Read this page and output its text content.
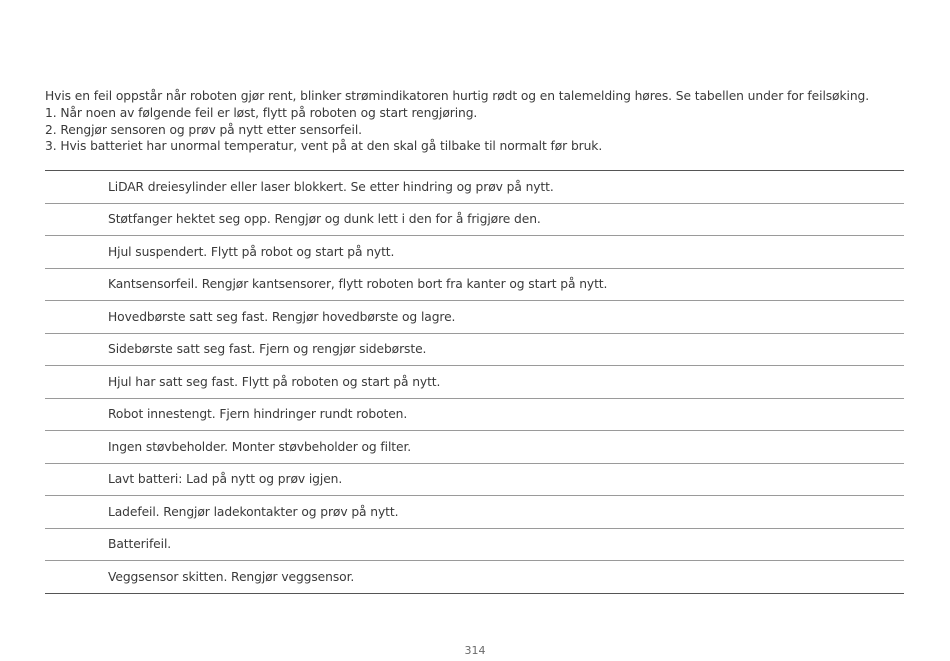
Hvis en feil oppstår når roboten gjør rent, blinker strømindikatoren hurtig rødt og en talemelding høres. Se tabellen under for feilsøking.
1. Når noen av følgende feil er løst, flytt på roboten og start rengjøring.
2. Rengjør sensoren og prøv på nytt etter sensorfeil.
3. Hvis batteriet har unormal temperatur, vent på at den skal gå tilbake til normalt før bruk.
LiDAR dreiesylinder eller laser blokkert. Se etter hindring og prøv på nytt.
Støtfanger hektet seg opp. Rengjør og dunk lett i den for å frigjøre den.
Hjul suspendert. Flytt på robot og start på nytt.
Kantsensorfeil. Rengjør kantsensorer, flytt roboten bort fra kanter og start på nytt.
Hovedbørste satt seg fast. Rengjør hovedbørste og lagre.
Sidebørste satt seg fast. Fjern og rengjør sidebørste.
Hjul har satt seg fast. Flytt på roboten og start på nytt.
Robot innestengt. Fjern hindringer rundt roboten.
Ingen støvbeholder. Monter støvbeholder og filter.
Lavt batteri: Lad på nytt og prøv igjen.
Ladefeil. Rengjør ladekontakter og prøv på nytt.
Batterifeil.
Veggsensor skitten. Rengjør veggsensor.
314
